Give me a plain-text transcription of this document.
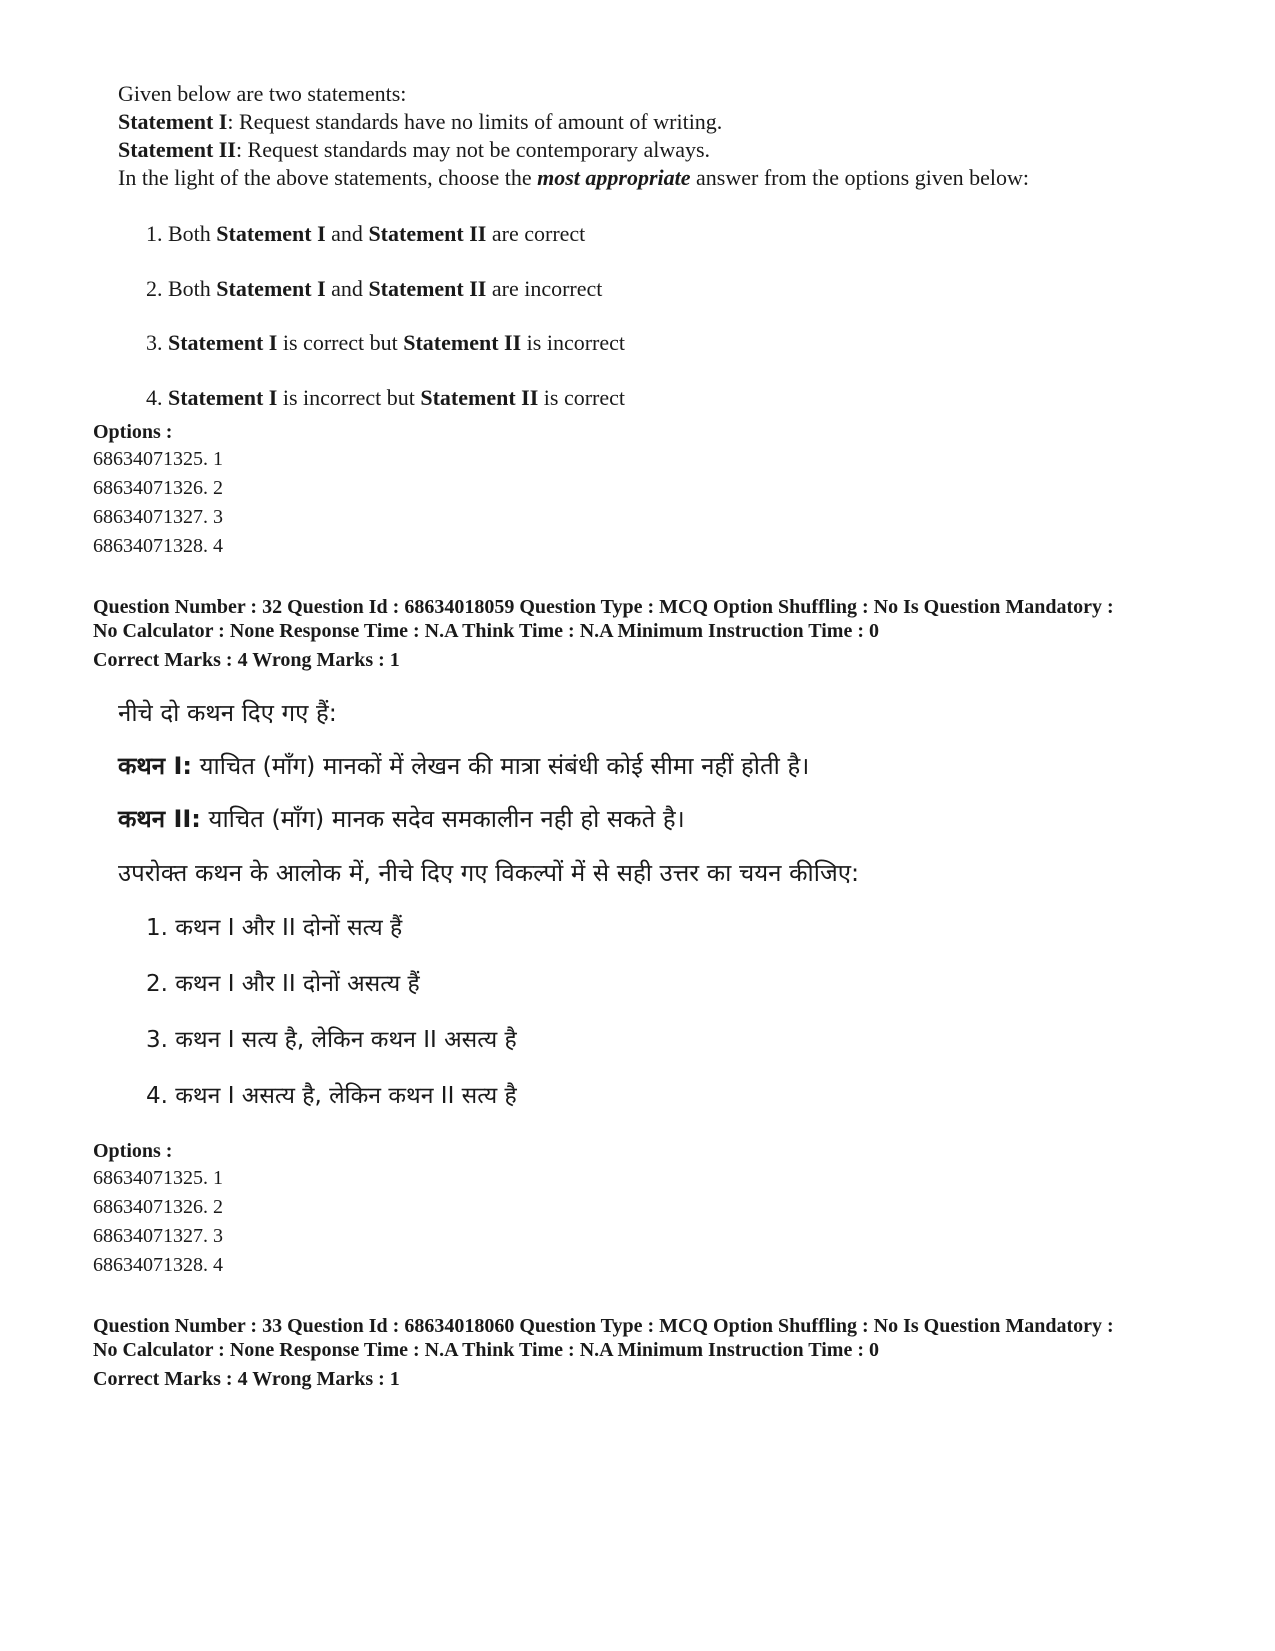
Given below are two statements:

Statement I: Request standards have no limits of amount of writing.

Statement II: Request standards may not be contemporary always.

In the light of the above statements, choose the most appropriate answer from the options given below:

1. Both Statement I and Statement II are correct
2. Both Statement I and Statement II are incorrect
3. Statement I is correct but Statement II is incorrect
4. Statement I is incorrect but Statement II is correct
Options :
68634071325. 1
68634071326. 2
68634071327. 3
68634071328. 4

Question Number : 32 Question Id : 68634018059 Question Type : MCQ Option Shuffling : No Is Question Mandatory :

No Calculator : None Response Time : N.A Think Time : N.A Minimum Instruction Time : 0

Correct Marks : 4 Wrong Marks : 1

नीचे दो कथन दिए गए हैं:
कथन I: याचित (माँग) मानकों में लेखन की मात्रा संबंधी कोई सीमा नहीं होती है।
कथन II: याचित (माँग) मानक सदेव समकालीन नही हो सकते है।
उपरोक्त कथन के आलोक में, नीचे दिए गए विकल्पों में से सही उत्तर का चयन कीजिए:
1. कथन I और II दोनों सत्य हैं
2. कथन I और II दोनों असत्य हैं
3. कथन I सत्य है, लेकिन कथन II असत्य है
4. कथन I असत्य है, लेकिन कथन II सत्य है
Options :
68634071325. 1
68634071326. 2
68634071327. 3
68634071328. 4

Question Number : 33 Question Id : 68634018060 Question Type : MCQ Option Shuffling : No Is Question Mandatory :

No Calculator : None Response Time : N.A Think Time : N.A Minimum Instruction Time : 0

Correct Marks : 4 Wrong Marks : 1
